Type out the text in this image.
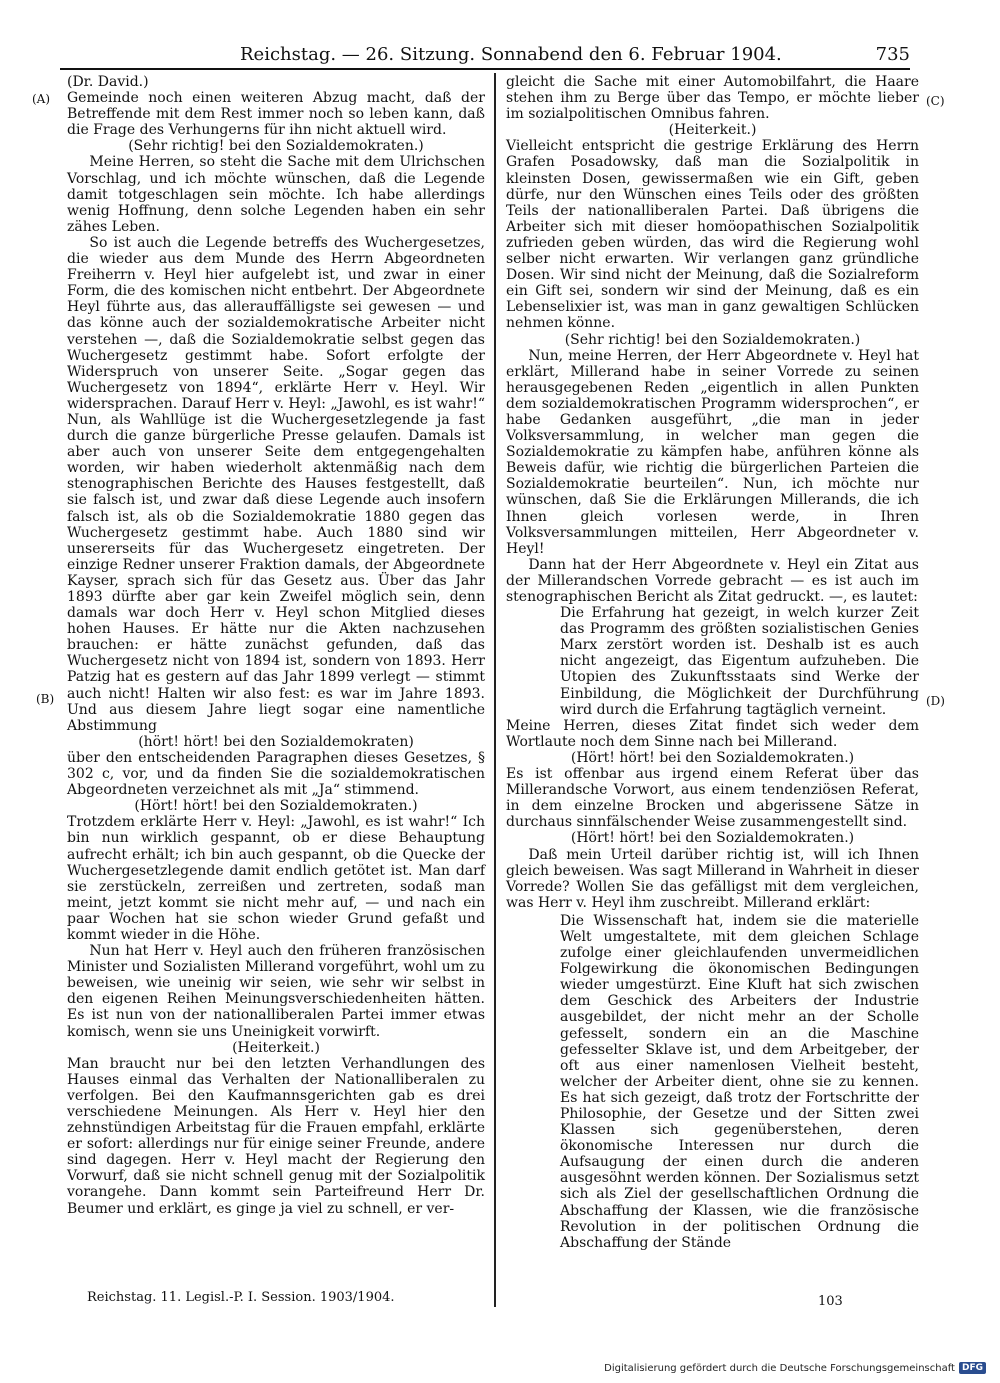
Reichstag. — 26. Sitzung. Sonnabend den 6. Februar 1904.	735
(A)
(B)
(C)
(D)

(Dr. David.)

Gemeinde noch einen weiteren Abzug macht, daß der Betreffende mit dem Rest immer noch so leben kann, daß die Frage des Verhungerns für ihn nicht aktuell wird.

(Sehr richtig! bei den Sozialdemokraten.)

Meine Herren, so steht die Sache mit dem Ulrichschen Vorschlag, und ich möchte wünschen, daß die Legende damit totgeschlagen sein möchte. Ich habe allerdings wenig Hoffnung, denn solche Legenden haben ein sehr zähes Leben.

So ist auch die Legende betreffs des Wuchergesetzes, die wieder aus dem Munde des Herrn Abgeordneten Freiherrn v. Heyl hier aufgelebt ist, und zwar in einer Form, die des komischen nicht entbehrt. Der Abgeordnete Heyl führte aus, das allerauffälligste sei gewesen — und das könne auch der sozialdemokratische Arbeiter nicht verstehen —, daß die Sozialdemokratie selbst gegen das Wuchergesetz gestimmt habe. Sofort erfolgte der Widerspruch von unserer Seite. „Sogar gegen das Wuchergesetz von 1894“, erklärte Herr v. Heyl. Wir widersprachen. Darauf Herr v. Heyl: „Jawohl, es ist wahr!“ Nun, als Wahllüge ist die Wuchergesetzlegende ja fast durch die ganze bürgerliche Presse gelaufen. Damals ist aber auch von unserer Seite dem entgegengehalten worden, wir haben wiederholt aktenmäßig nach dem stenographischen Berichte des Hauses festgestellt, daß sie falsch ist, und zwar daß diese Legende auch insofern falsch ist, als ob die Sozialdemokratie 1880 gegen das Wuchergesetz gestimmt habe. Auch 1880 sind wir unsererseits für das Wuchergesetz eingetreten. Der einzige Redner unserer Fraktion damals, der Abgeordnete Kayser, sprach sich für das Gesetz aus. Über das Jahr 1893 dürfte aber gar kein Zweifel möglich sein, denn damals war doch Herr v. Heyl schon Mitglied dieses hohen Hauses. Er hätte nur die Akten nachzusehen brauchen: er hätte zunächst gefunden, daß das Wuchergesetz nicht von 1894 ist, sondern von 1893. Herr Patzig hat es gestern auf das Jahr 1899 verlegt — stimmt auch nicht! Halten wir also fest: es war im Jahre 1893. Und aus diesem Jahre liegt sogar eine namentliche Abstimmung

(hört! hört! bei den Sozialdemokraten)

über den entscheidenden Paragraphen dieses Gesetzes, § 302 c, vor, und da finden Sie die sozialdemokratischen Abgeordneten verzeichnet als mit „Ja“ stimmend.

(Hört! hört! bei den Sozialdemokraten.)

Trotzdem erklärte Herr v. Heyl: „Jawohl, es ist wahr!“ Ich bin nun wirklich gespannt, ob er diese Behauptung aufrecht erhält; ich bin auch gespannt, ob die Quecke der Wuchergesetzlegende damit endlich getötet ist. Man darf sie zerstückeln, zerreißen und zertreten, sodaß man meint, jetzt kommt sie nicht mehr auf, — und nach ein paar Wochen hat sie schon wieder Grund gefaßt und kommt wieder in die Höhe.

Nun hat Herr v. Heyl auch den früheren französischen Minister und Sozialisten Millerand vorgeführt, wohl um zu beweisen, wie uneinig wir seien, wie sehr wir selbst in den eigenen Reihen Meinungsverschiedenheiten hätten. Es ist nun von der nationalliberalen Partei immer etwas komisch, wenn sie uns Uneinigkeit vorwirft.

(Heiterkeit.)

Man braucht nur bei den letzten Verhandlungen des Hauses einmal das Verhalten der Nationalliberalen zu verfolgen. Bei den Kaufmannsgerichten gab es drei verschiedene Meinungen. Als Herr v. Heyl hier den zehnstündigen Arbeitstag für die Frauen empfahl, erklärte er sofort: allerdings nur für einige seiner Freunde, andere sind dagegen. Herr v. Heyl macht der Regierung den Vorwurf, daß sie nicht schnell genug mit der Sozialpolitik vorangehe. Dann kommt sein Parteifreund Herr Dr. Beumer und erklärt, es ginge ja viel zu schnell, er ver-

gleicht die Sache mit einer Automobilfahrt, die Haare stehen ihm zu Berge über das Tempo, er möchte lieber im sozialpolitischen Omnibus fahren.

(Heiterkeit.)

Vielleicht entspricht die gestrige Erklärung des Herrn Grafen Posadowsky, daß man die Sozialpolitik in kleinsten Dosen, gewissermaßen wie ein Gift, geben dürfe, nur den Wünschen eines Teils oder des größten Teils der nationalliberalen Partei. Daß übrigens die Arbeiter sich mit dieser homöopathischen Sozialpolitik zufrieden geben würden, das wird die Regierung wohl selber nicht erwarten. Wir verlangen ganz gründliche Dosen. Wir sind nicht der Meinung, daß die Sozialreform ein Gift sei, sondern wir sind der Meinung, daß es ein Lebenselixier ist, was man in ganz gewaltigen Schlücken nehmen könne.

(Sehr richtig! bei den Sozialdemokraten.)

Nun, meine Herren, der Herr Abgeordnete v. Heyl hat erklärt, Millerand habe in seiner Vorrede zu seinen herausgegebenen Reden „eigentlich in allen Punkten dem sozialdemokratischen Programm widersprochen“, er habe Gedanken ausgeführt, „die man in jeder Volksversammlung, in welcher man gegen die Sozialdemokratie zu kämpfen habe, anführen könne als Beweis dafür, wie richtig die bürgerlichen Parteien die Sozialdemokratie beurteilen“. Nun, ich möchte nur wünschen, daß Sie die Erklärungen Millerands, die ich Ihnen gleich vorlesen werde, in Ihren Volksversammlungen mitteilen, Herr Abgeordneter v. Heyl!

Dann hat der Herr Abgeordnete v. Heyl ein Zitat aus der Millerandschen Vorrede gebracht — es ist auch im stenographischen Bericht als Zitat gedruckt. —, es lautet:

Die Erfahrung hat gezeigt, in welch kurzer Zeit das Programm des größten sozialistischen Genies Marx zerstört worden ist. Deshalb ist es auch nicht angezeigt, das Eigentum aufzuheben. Die Utopien des Zukunftsstaats sind Werke der Einbildung, die Möglichkeit der Durchführung wird durch die Erfahrung tagtäglich verneint.

Meine Herren, dieses Zitat findet sich weder dem Wortlaute noch dem Sinne nach bei Millerand.

(Hört! hört! bei den Sozialdemokraten.)

Es ist offenbar aus irgend einem Referat über das Millerandsche Vorwort, aus einem tendenziösen Referat, in dem einzelne Brocken und abgerissene Sätze in durchaus sinnfälschender Weise zusammengestellt sind.

(Hört! hört! bei den Sozialdemokraten.)

Daß mein Urteil darüber richtig ist, will ich Ihnen gleich beweisen. Was sagt Millerand in Wahrheit in dieser Vorrede? Wollen Sie das gefälligst mit dem vergleichen, was Herr v. Heyl ihm zuschreibt. Millerand erklärt:

Die Wissenschaft hat, indem sie die materielle Welt umgestaltete, mit dem gleichen Schlage zufolge einer gleichlaufenden unvermeidlichen Folgewirkung die ökonomischen Bedingungen wieder umgestürzt. Eine Kluft hat sich zwischen dem Geschick des Arbeiters der Industrie ausgebildet, der nicht mehr an der Scholle gefesselt, sondern ein an die Maschine gefesselter Sklave ist, und dem Arbeitgeber, der oft aus einer namenlosen Vielheit besteht, welcher der Arbeiter dient, ohne sie zu kennen. Es hat sich gezeigt, daß trotz der Fortschritte der Philosophie, der Gesetze und der Sitten zwei Klassen sich gegenüberstehen, deren ökonomische Interessen nur durch die Aufsaugung der einen durch die anderen ausgesöhnt werden können. Der Sozialismus setzt sich als Ziel der gesellschaftlichen Ordnung die Abschaffung der Klassen, wie die französische Revolution in der politischen Ordnung die Abschaffung der Stände

Reichstag. 11. Legisl.-P. I. Session. 1903/1904.	103
Digitalisierung gefördert durch die Deutsche Forschungsgemeinschaft DFG
